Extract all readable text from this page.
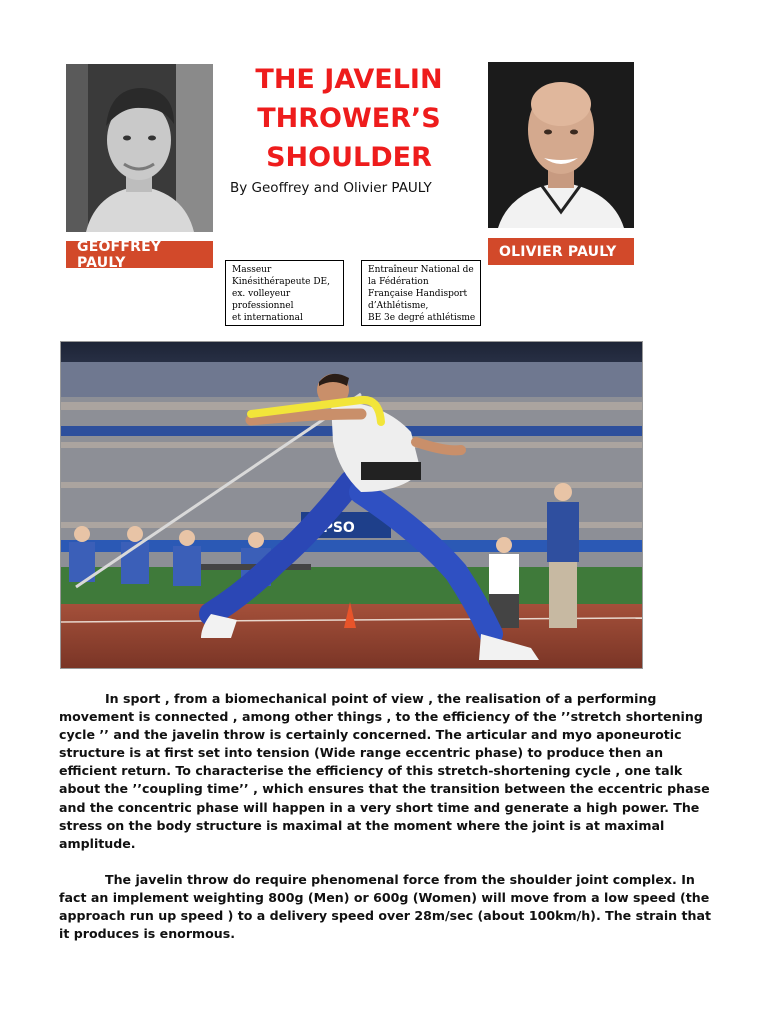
GEOFFREY PAULY
OLIVIER PAULY
THE JAVELIN
THROWER’S
SHOULDER
By Geoffrey and Olivier PAULY
Masseur
Kinésithérapeute DE,
ex. volleyeur
professionnel
et international
Entraîneur National de
la Fédération
Française Handisport
d’Athlétisme,
BE 3e degré athlétisme
EPSO

In sport , from a biomechanical point of view , the realisation of a performing movement is connected , among other things , to the efficiency of the ’’stretch shortening cycle ’’ and the javelin throw is certainly concerned. The articular and myo aponeurotic structure is at first set into tension (Wide range eccentric phase) to produce then an efficient return. To characterise the efficiency of this stretch-shortening cycle , one talk about the ’’coupling time’’ , which ensures that the transition between the eccentric phase and the concentric phase will happen in a very short time and generate a high power. The stress on the body structure is maximal at the moment where the joint is at maximal amplitude.

The javelin throw do require phenomenal force from the shoulder joint complex. In fact an implement weighting 800g (Men) or 600g (Women) will move from a low speed (the approach run up speed ) to a delivery speed over 28m/sec (about 100km/h). The strain that it produces is enormous.
